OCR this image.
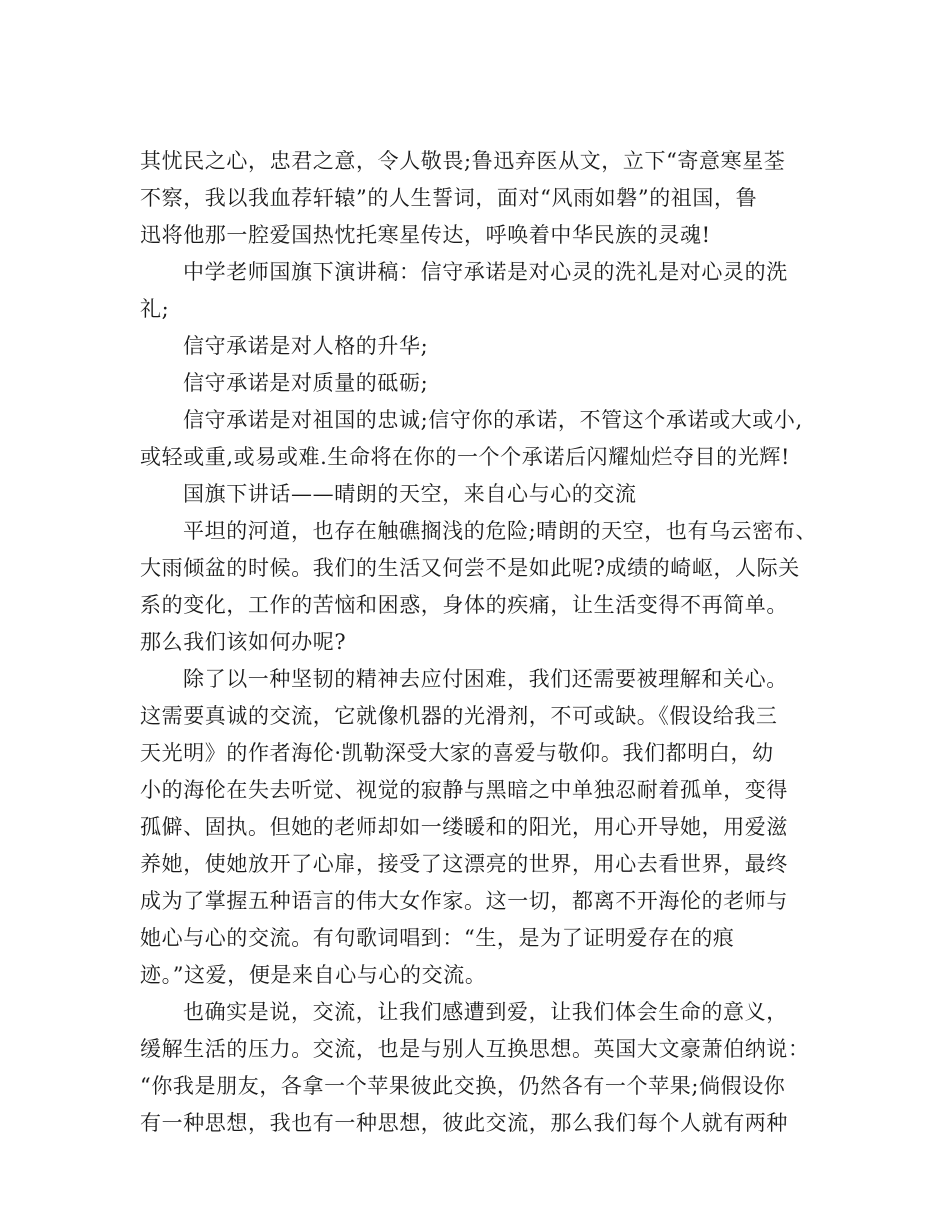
其忧民之心，忠君之意，令人敬畏;鲁迅弃医从文，立下“寄意寒星荃
不察，我以我血荐轩辕”的人生誓词，面对“风雨如磐”的祖国，鲁
迅将他那一腔爱国热忱托寒星传达，呼唤着中华民族的灵魂!
中学老师国旗下演讲稿：信守承诺是对心灵的洗礼是对心灵的洗
礼;
信守承诺是对人格的升华;
信守承诺是对质量的砥砺;
信守承诺是对祖国的忠诚;信守你的承诺，不管这个承诺或大或小,
或轻或重,或易或难.生命将在你的一个个承诺后闪耀灿烂夺目的光辉!
国旗下讲话——晴朗的天空，来自心与心的交流
平坦的河道，也存在触礁搁浅的危险;晴朗的天空，也有乌云密布、
大雨倾盆的时候。我们的生活又何尝不是如此呢?成绩的崎岖，人际关
系的变化，工作的苦恼和困惑，身体的疾痛，让生活变得不再简单。
那么我们该如何办呢?
除了以一种坚韧的精神去应付困难，我们还需要被理解和关心。
这需要真诚的交流，它就像机器的光滑剂，不可或缺。《假设给我三
天光明》的作者海伦·凯勒深受大家的喜爱与敬仰。我们都明白，幼
小的海伦在失去听觉、视觉的寂静与黑暗之中单独忍耐着孤单，变得
孤僻、固执。但她的老师却如一缕暖和的阳光，用心开导她，用爱滋
养她，使她放开了心扉，接受了这漂亮的世界，用心去看世界，最终
成为了掌握五种语言的伟大女作家。这一切，都离不开海伦的老师与
她心与心的交流。有句歌词唱到：“生，是为了证明爱存在的痕
迹。”这爱，便是来自心与心的交流。
也确实是说，交流，让我们感遭到爱，让我们体会生命的意义，
缓解生活的压力。交流，也是与别人互换思想。英国大文豪萧伯纳说：
“你我是朋友，各拿一个苹果彼此交换，仍然各有一个苹果;倘假设你
有一种思想，我也有一种思想，彼此交流，那么我们每个人就有两种
